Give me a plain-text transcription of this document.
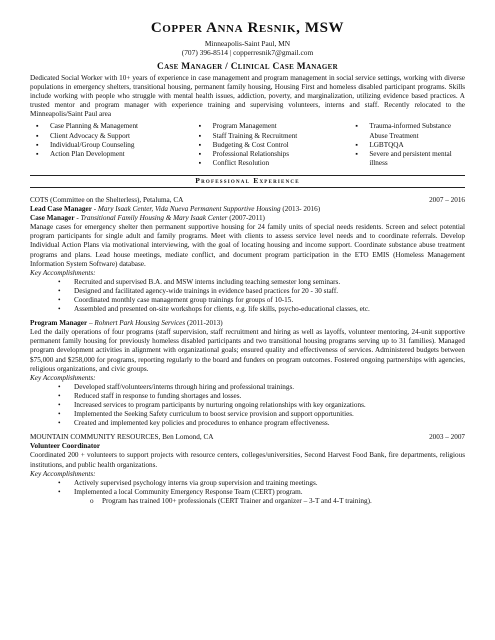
Copper Anna Resnik, MSW
Minneapolis-Saint Paul, MN
(707) 396-8514 | copperresnik7@gmail.com
Case Manager / Clinical Case Manager
Dedicated Social Worker with 10+ years of experience in case management and program management in social service settings, working with diverse populations in emergency shelters, transitional housing, permanent family housing, Housing First and homeless disabled participant programs. Skills include working with people who struggle with mental health issues, addiction, poverty, and marginalization, utilizing evidence based practices. A trusted mentor and program manager with experience training and supervising volunteers, interns and staff. Recently relocated to the Minneapolis/Saint Paul area
▪ Case Planning & Management
▪ Client Advocacy & Support
▪ Individual/Group Counseling
▪ Action Plan Development
▪ Program Management
▪ Staff Training & Recruitment
▪ Budgeting & Cost Control
▪ Professional Relationships
▪ Conflict Resolution
▪ Trauma-informed Substance Abuse Treatment
▪ LGBTQQA
▪ Severe and persistent mental illness
Professional Experience
COTS (Committee on the Shelterless), Petaluma, CA	2007 – 2016
Lead Case Manager - Mary Isaak Center, Vida Nueva Permanent Supportive Housing (2013- 2016)
Case Manager - Transitional Family Housing & Mary Isaak Center (2007-2011)
Manage cases for emergency shelter then permanent supportive housing for 24 family units of special needs residents. Screen and select potential program participants for single adult and family programs. Meet with clients to assess service level needs and to coordinate referrals. Develop Individual Action Plans via motivational interviewing, with the goal of locating housing and income support. Coordinate substance abuse treatment programs and plans. Lead house meetings, mediate conflict, and document program participation in the ETO EMIS (Homeless Management Information System Software) database.
Key Accomplishments:
• Recruited and supervised B.A. and MSW interns including teaching semester long seminars.
• Designed and facilitated agency-wide trainings in evidence based practices for 20 - 30 staff.
• Coordinated monthly case management group trainings for groups of 10-15.
• Assembled and presented on-site workshops for clients, e.g. life skills, psycho-educational classes, etc.
Program Manager – Rohnert Park Housing Services (2011-2013)
Led the daily operations of four programs (staff supervision, staff recruitment and hiring as well as layoffs, volunteer mentoring, 24-unit supportive permanent family housing for previously homeless disabled participants and two transitional housing programs serving up to 31 families). Managed program development activities in alignment with organizational goals; ensured quality and effectiveness of services. Administered budgets between $75,000 and $258,000 for programs, reporting regularly to the board and funders on program outcomes. Fostered ongoing partnerships with agencies, religious organizations, and civic groups.
Key Accomplishments:
• Developed staff/volunteers/interns through hiring and professional trainings.
• Reduced staff in response to funding shortages and losses.
• Increased services to program participants by nurturing ongoing relationships with key organizations.
• Implemented the Seeking Safety curriculum to boost service provision and support opportunities.
• Created and implemented key policies and procedures to enhance program effectiveness.
MOUNTAIN COMMUNITY RESOURCES, Ben Lomond, CA	2003 – 2007
Volunteer Coordinator
Coordinated 200 + volunteers to support projects with resource centers, colleges/universities, Second Harvest Food Bank, fire departments, religious institutions, and public health organizations.
Key Accomplishments:
• Actively supervised psychology interns via group supervision and training meetings.
• Implemented a local Community Emergency Response Team (CERT) program.
o Program has trained 100+ professionals (CERT Trainer and organizer – 3-T and 4-T training).
